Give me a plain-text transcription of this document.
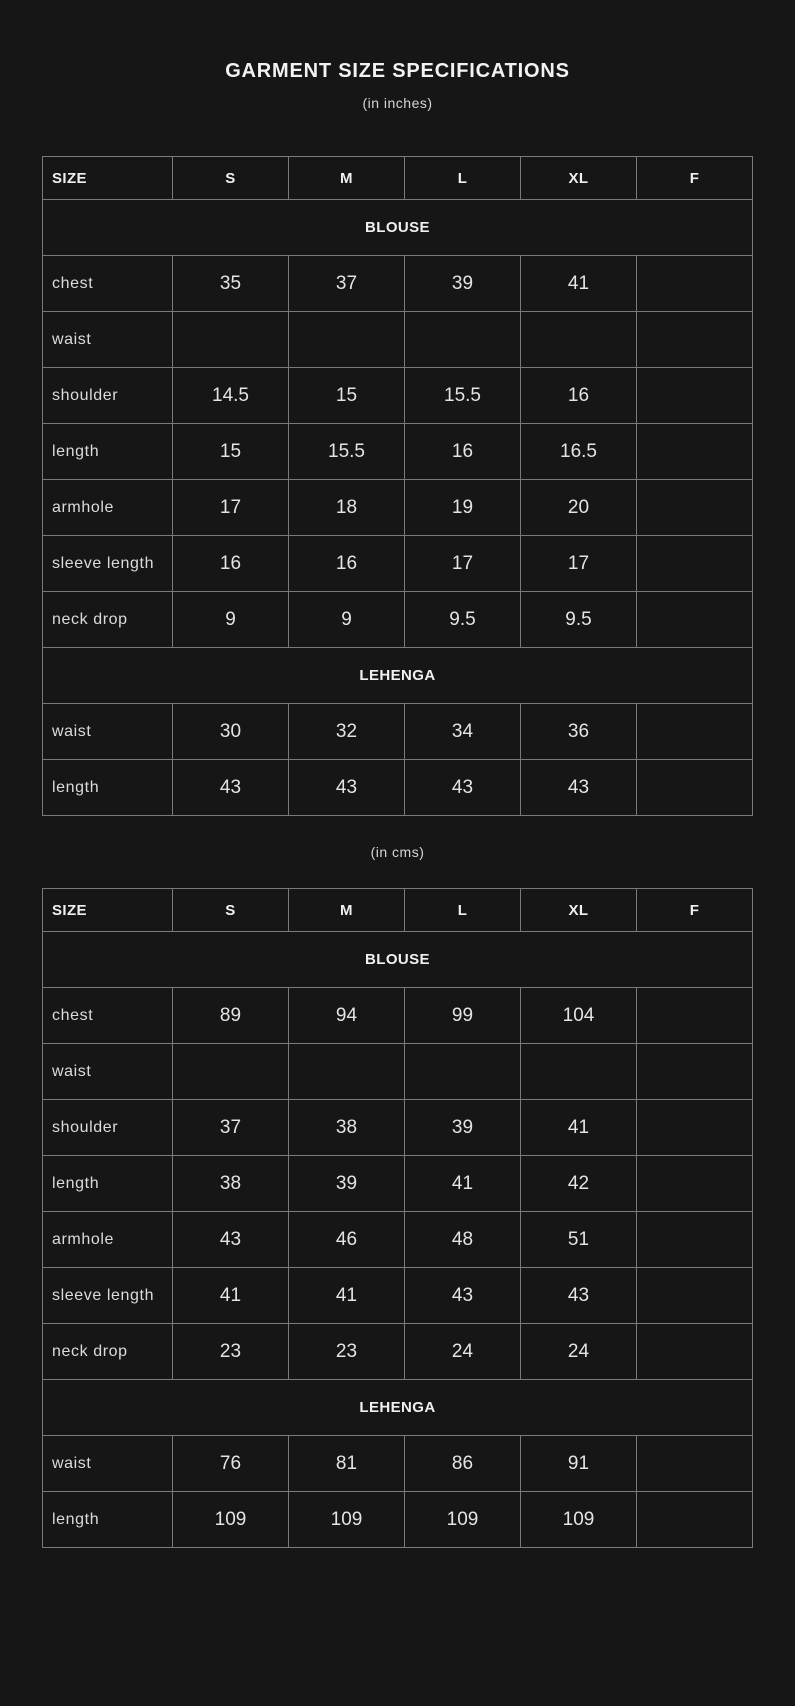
GARMENT SIZE SPECIFICATIONS
(in inches)
SIZE	S	M	L	XL	F
BLOUSE					
chest	35	37	39	41	
waist					
shoulder	14.5	15	15.5	16	
length	15	15.5	16	16.5	
armhole	17	18	19	20	
sleeve length	16	16	17	17	
neck drop	9	9	9.5	9.5	
LEHENGA					
waist	30	32	34	36	
length	43	43	43	43	
(in cms)
SIZE	S	M	L	XL	F
BLOUSE					
chest	89	94	99	104	
waist					
shoulder	37	38	39	41	
length	38	39	41	42	
armhole	43	46	48	51	
sleeve length	41	41	43	43	
neck drop	23	23	24	24	
LEHENGA					
waist	76	81	86	91	
length	109	109	109	109	
